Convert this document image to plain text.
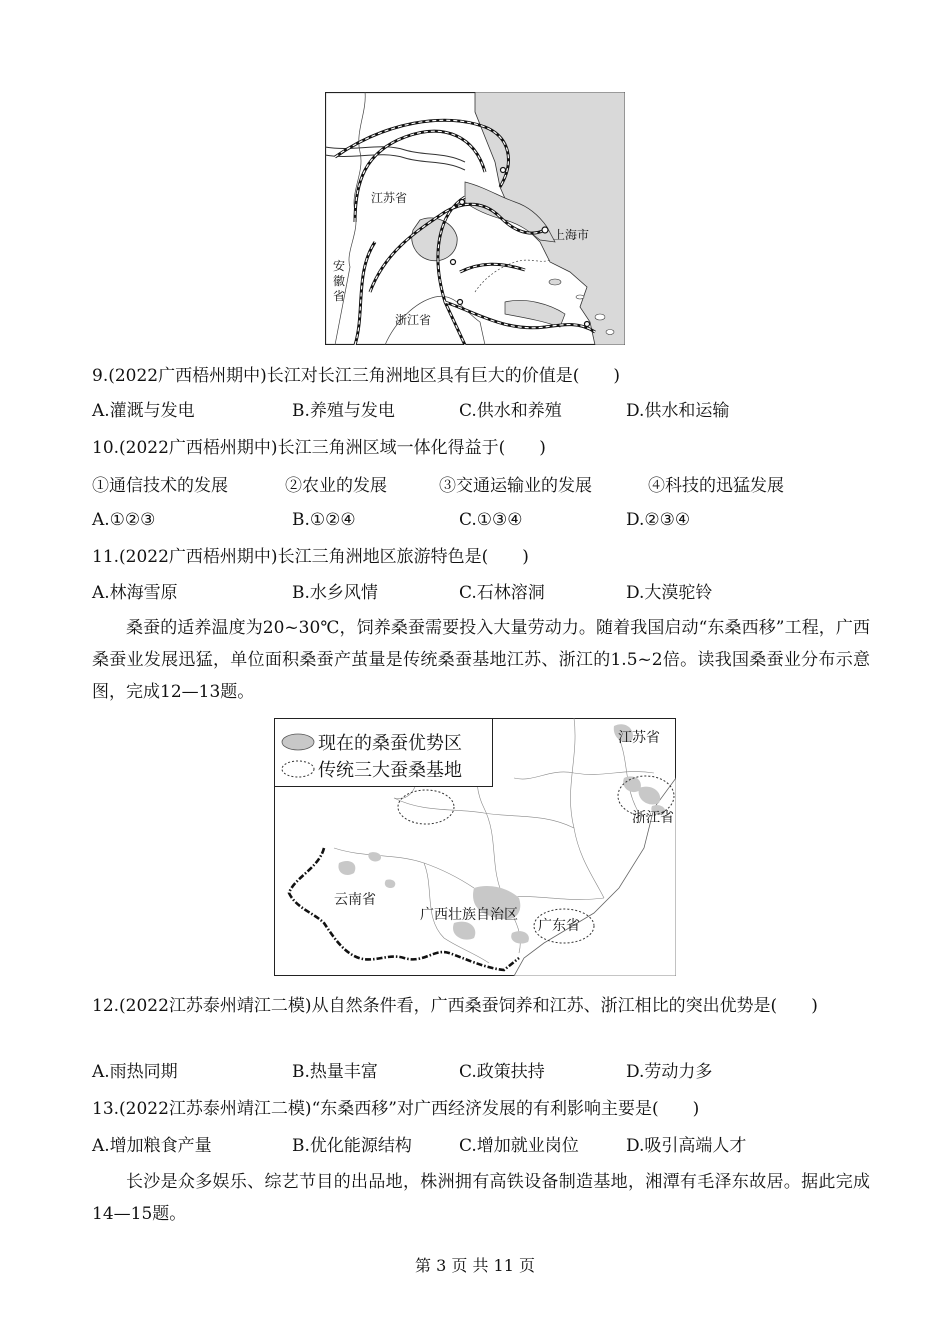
江苏省
上海市
浙江省
安 徽 省
9.(2022广西梧州期中)长江对长江三角洲地区具有巨大的价值是(　　)
A.灌溉与发电	B.养殖与发电	C.供水和养殖	D.供水和运输
10.(2022广西梧州期中)长江三角洲区域一体化得益于(　　)
①通信技术的发展	②农业的发展	③交通运输业的发展	④科技的迅猛发展
A.①②③	B.①②④	C.①③④	D.②③④
11.(2022广西梧州期中)长江三角洲地区旅游特色是(　　)
A.林海雪原	B.水乡风情	C.石林溶洞	D.大漠驼铃
桑蚕的适养温度为20~30℃，饲养桑蚕需要投入大量劳动力。随着我国启动“东桑西移”工程，广西桑蚕业发展迅猛，单位面积桑蚕产茧量是传统桑蚕基地江苏、浙江的1.5~2倍。读我国桑蚕业分布示意图，完成12—13题。
现在的桑蚕优势区
传统三大蚕桑基地
江苏省
浙江省
云南省
广西壮族自治区
广东省
12.(2022江苏泰州靖江二模)从自然条件看，广西桑蚕饲养和江苏、浙江相比的突出优势是(　　)
A.雨热同期	B.热量丰富	C.政策扶持	D.劳动力多
13.(2022江苏泰州靖江二模)“东桑西移”对广西经济发展的有利影响主要是(　　)
A.增加粮食产量	B.优化能源结构	C.增加就业岗位	D.吸引高端人才
长沙是众多娱乐、综艺节目的出品地，株洲拥有高铁设备制造基地，湘潭有毛泽东故居。据此完成14—15题。
第 3 页 共 11 页
